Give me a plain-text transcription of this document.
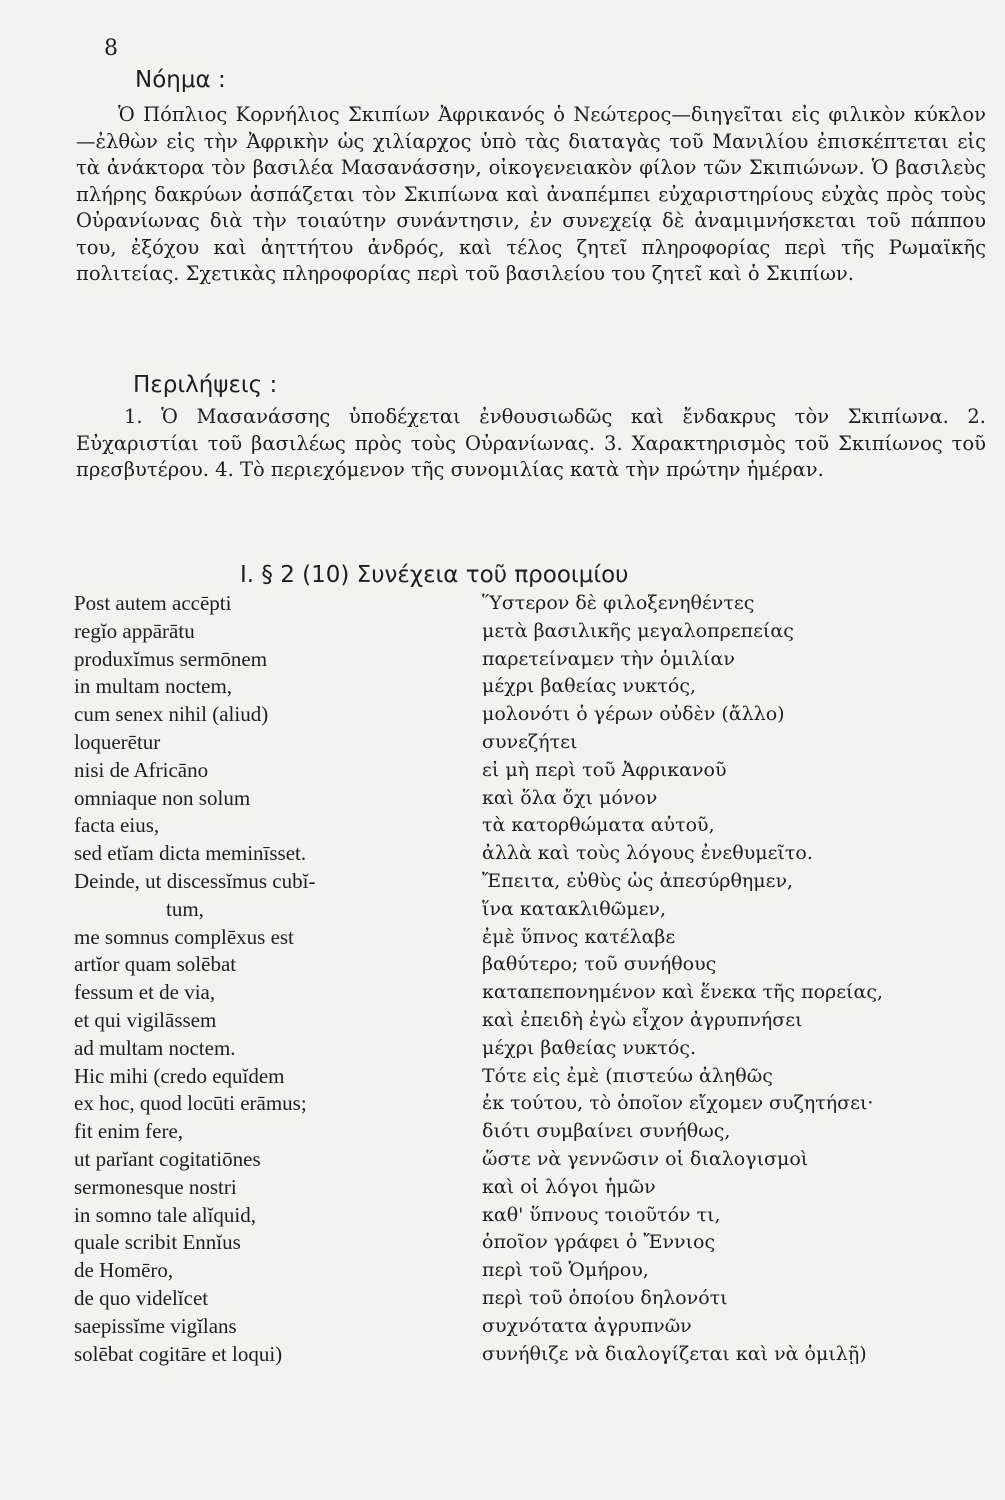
8
Νόημα :
Ὁ Πόπλιος Κορνήλιος Σκιπίων Ἀφρικανός ὁ Νεώτερος—διηγεῖται εἰς φιλικὸν κύκλον—ἐλθὼν εἰς τὴν Ἀφρικὴν ὡς χιλίαρχος ὑπὸ τὰς διαταγὰς τοῦ Μανιλίου ἐπισκέπτεται εἰς τὰ ἀνάκτορα τὸν βασιλέα Μασανάσσην, οἰκογενειακὸν φίλον τῶν Σκιπιώνων. Ὁ βασιλεὺς πλήρης δακρύων ἀσπάζεται τὸν Σκιπίωνα καὶ ἀναπέμπει εὐχαριστηρίους εὐχὰς πρὸς τοὺς Οὐρανίωνας διὰ τὴν τοιαύτην συνάντησιν, ἐν συνεχείᾳ δὲ ἀναμιμνήσκεται τοῦ πάππου του, ἐξόχου καὶ ἀηττήτου ἀνδρός, καὶ τέλος ζητεῖ πληροφορίας περὶ τῆς Ρωμαϊκῆς πολιτείας. Σχετικὰς πληροφορίας περὶ τοῦ βασιλείου του ζητεῖ καὶ ὁ Σκιπίων.
Περιλήψεις :
1. Ὁ Μασανάσσης ὑποδέχεται ἐνθουσιωδῶς καὶ ἔνδακρυς τὸν Σκιπίωνα. 2. Εὐχαριστίαι τοῦ βασιλέως πρὸς τοὺς Οὐρανίωνας. 3. Χαρακτηρισμὸς τοῦ Σκιπίωνος τοῦ πρεσβυτέρου. 4. Τὸ περιεχόμενον τῆς συνομιλίας κατὰ τὴν πρώτην ἡμέραν.
I. § 2 (10) Συνέχεια τοῦ προοιμίου
Post autem accēpti
regĭo appārātu
produxĭmus sermōnem
in multam noctem,
cum senex nihil (aliud)
loquerētur
nisi de Africāno
omniaque non solum
facta eius,
sed etĭam dicta meminīsset.
Deinde, ut discessĭmus cubĭ-
tum,
me somnus complēxus est
artĭor quam solēbat
fessum et de via,
et qui vigilāssem
ad multam noctem.
Hic mihi (credo equĭdem
ex hoc, quod locūti erāmus;
fit enim fere,
ut parĭant cogitatiōnes
sermonesque nostri
in somno tale alĭquid,
quale scribit Ennĭus
de Homēro,
de quo videlĭcet
saepissĭme vigĭlans
solēbat cogitāre et loqui)
Ὕστερον δὲ φιλοξενηθέντες
μετὰ βασιλικῆς μεγαλοπρεπείας
παρετείναμεν τὴν ὁμιλίαν
μέχρι βαθείας νυκτός,
μολονότι ὁ γέρων οὐδὲν (ἄλλο)
συνεζήτει
εἰ μὴ περὶ τοῦ Ἀφρικανοῦ
καὶ ὅλα ὄχι μόνον
τὰ κατορθώματα αὐτοῦ,
ἀλλὰ καὶ τοὺς λόγους ἐνεθυμεῖτο.
Ἔπειτα, εὐθὺς ὡς ἀπεσύρθημεν,
ἵνα κατακλιθῶμεν,
ἐμὲ ὕπνος κατέλαβε
βαθύτερο; τοῦ συνήθους
καταπεπονημένον καὶ ἕνεκα τῆς πορείας,
καὶ ἐπειδὴ ἐγὼ εἶχον ἀγρυπνήσει
μέχρι βαθείας νυκτός.
Τότε εἰς ἐμὲ (πιστεύω ἀληθῶς
ἐκ τούτου, τὸ ὁποῖον εἴχομεν συζητήσει·
διότι συμβαίνει συνήθως,
ὥστε νὰ γεννῶσιν οἱ διαλογισμοὶ
καὶ οἱ λόγοι ἡμῶν
καθ' ὕπνους τοιοῦτόν τι,
ὁποῖον γράφει ὁ Ἔννιος
περὶ τοῦ Ὁμήρου,
περὶ τοῦ ὁποίου δηλονότι
συχνότατα ἀγρυπνῶν
συνήθιζε νὰ διαλογίζεται καὶ νὰ ὁμιλῇ)
